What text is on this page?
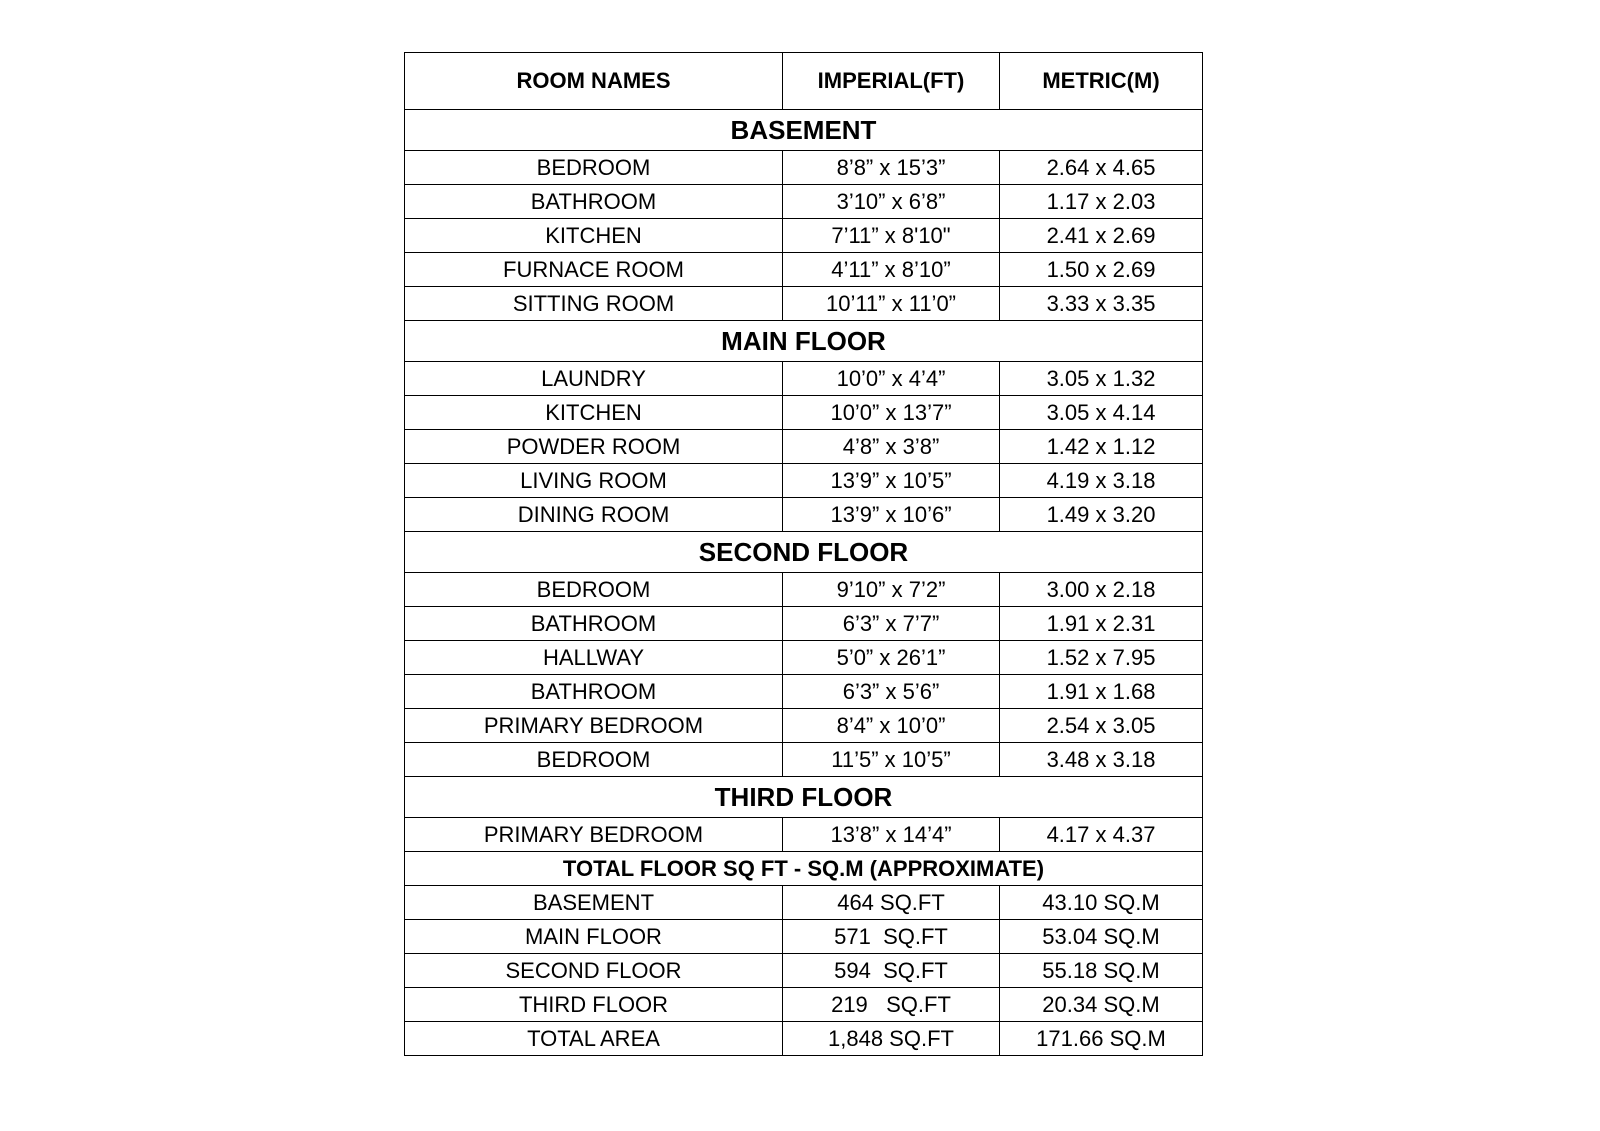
ROOM NAMES	IMPERIAL(FT)	METRIC(M)
BASEMENT		
BEDROOM	8’8” x 15’3”	2.64 x 4.65
BATHROOM	3’10” x 6’8”	1.17 x 2.03
KITCHEN	7’11” x 8'10"	2.41 x 2.69
FURNACE ROOM	4’11” x 8’10”	1.50 x 2.69
SITTING ROOM	10’11” x 11’0”	3.33 x 3.35
MAIN FLOOR		
LAUNDRY	10’0” x 4’4”	3.05 x 1.32
KITCHEN	10’0” x 13’7”	3.05 x 4.14
POWDER ROOM	4’8” x 3’8”	1.42 x 1.12
LIVING ROOM	13’9” x 10’5”	4.19 x 3.18
DINING ROOM	13’9” x 10’6”	1.49 x 3.20
SECOND FLOOR		
BEDROOM	9’10” x 7’2”	3.00 x 2.18
BATHROOM	6’3” x 7’7”	1.91 x 2.31
HALLWAY	5’0” x 26’1”	1.52 x 7.95
BATHROOM	6’3” x 5’6”	1.91 x 1.68
PRIMARY BEDROOM	8’4” x 10’0”	2.54 x 3.05
BEDROOM	11’5” x 10’5”	3.48 x 3.18
THIRD FLOOR		
PRIMARY BEDROOM	13’8” x 14’4”	4.17 x 4.37
TOTAL FLOOR SQ FT - SQ.M (APPROXIMATE)		
BASEMENT	464 SQ.FT	43.10 SQ.M
MAIN FLOOR	571  SQ.FT	53.04 SQ.M
SECOND FLOOR	594  SQ.FT	55.18 SQ.M
THIRD FLOOR	219   SQ.FT	20.34 SQ.M
TOTAL AREA	1,848 SQ.FT	171.66 SQ.M
